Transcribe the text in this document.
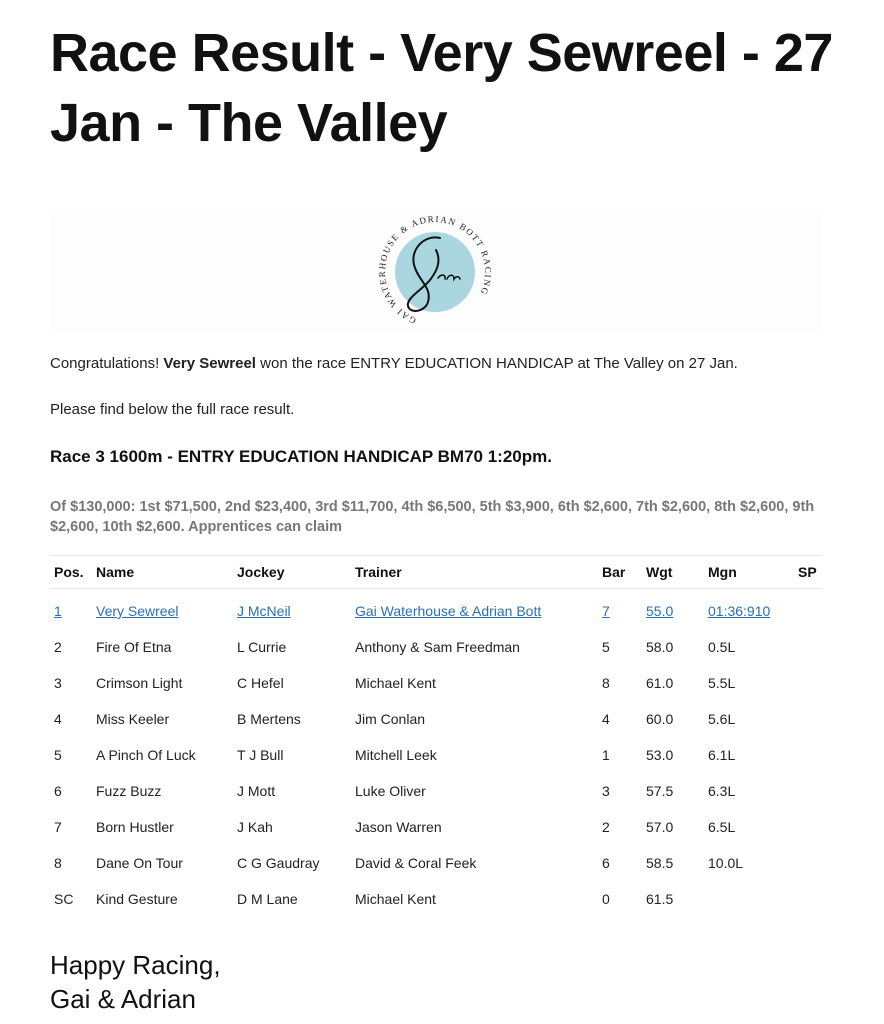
Race Result - Very Sewreel - 27 Jan - The Valley
GAI WATERHOUSE & ADRIAN BOTT RACING
Congratulations! Very Sewreel won the race ENTRY EDUCATION HANDICAP at The Valley on 27 Jan.
Please find below the full race result.
Race 3 1600m - ENTRY EDUCATION HANDICAP BM70 1:20pm.
Of $130,000: 1st $71,500, 2nd $23,400, 3rd $11,700, 4th $6,500, 5th $3,900, 6th $2,600, 7th $2,600, 8th $2,600, 9th $2,600, 10th $2,600. Apprentices can claim
Pos.	Name	Jockey	Trainer	Bar	Wgt	Mgn	SP
1	Very Sewreel	J McNeil	Gai Waterhouse & Adrian Bott	7	55.0	01:36:910	
2	Fire Of Etna	L Currie	Anthony & Sam Freedman	5	58.0	0.5L	
3	Crimson Light	C Hefel	Michael Kent	8	61.0	5.5L	
4	Miss Keeler	B Mertens	Jim Conlan	4	60.0	5.6L	
5	A Pinch Of Luck	T J Bull	Mitchell Leek	1	53.0	6.1L	
6	Fuzz Buzz	J Mott	Luke Oliver	3	57.5	6.3L	
7	Born Hustler	J Kah	Jason Warren	2	57.0	6.5L	
8	Dane On Tour	C G Gaudray	David & Coral Feek	6	58.5	10.0L	
SC	Kind Gesture	D M Lane	Michael Kent	0	61.5		
Happy Racing,
Gai & Adrian
